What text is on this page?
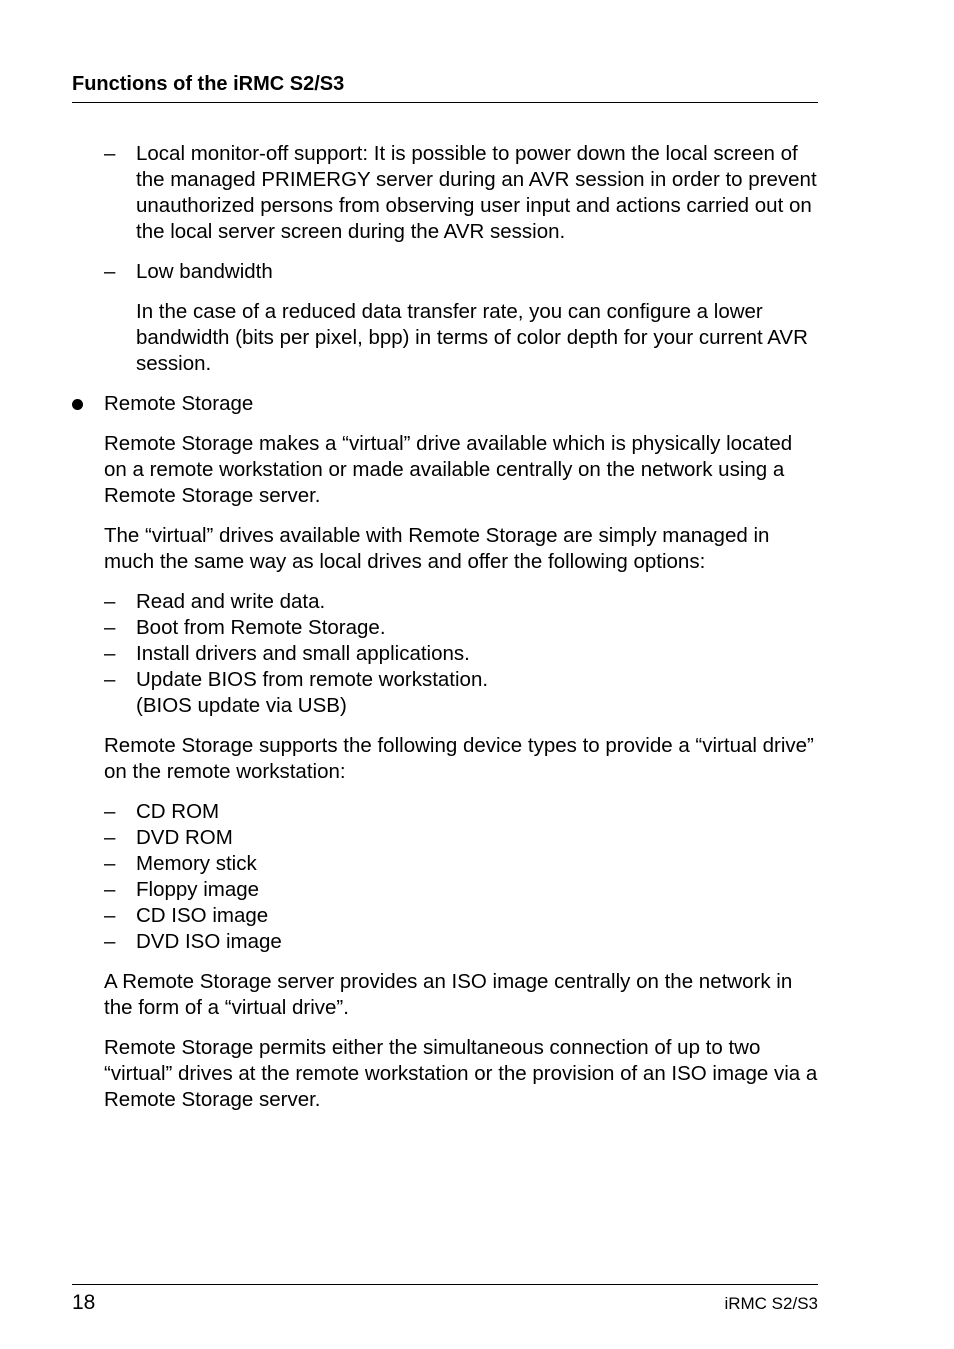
Functions of the iRMC S2/S3
– Local monitor-off support: It is possible to power down the local screen of the managed PRIMERGY server during an AVR session in order to prevent unauthorized persons from observing user input and actions carried out on the local server screen during the AVR session.

– Low bandwidth

In the case of a reduced data transfer rate, you can configure a lower bandwidth (bits per pixel, bpp) in terms of color depth for your current AVR session.

Remote Storage

Remote Storage makes a “virtual” drive available which is physically located on a remote workstation or made available centrally on the network using a Remote Storage server.

The “virtual” drives available with Remote Storage are simply managed in much the same way as local drives and offer the following options:

– Read and write data.
– Boot from Remote Storage.
– Install drivers and small applications.
– Update BIOS from remote workstation.
(BIOS update via USB)

Remote Storage supports the following device types to provide a “virtual drive” on the remote workstation:

– CD ROM
– DVD ROM
– Memory stick
– Floppy image
– CD ISO image
– DVD ISO image

A Remote Storage server provides an ISO image centrally on the network in the form of a “virtual drive”.

Remote Storage permits either the simultaneous connection of up to two “virtual” drives at the remote workstation or the provision of an ISO image via a Remote Storage server.

18	iRMC S2/S3
